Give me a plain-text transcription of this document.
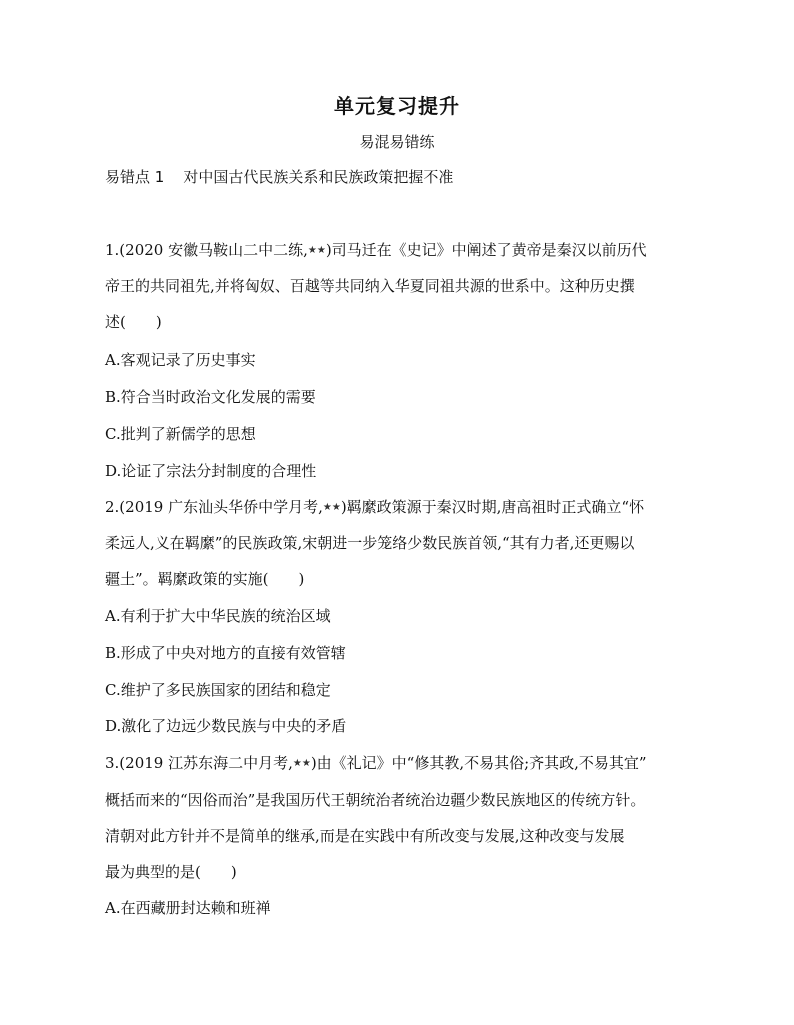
单元复习提升
易混易错练
易错点 1 对中国古代民族关系和民族政策把握不准
1.(2020 安徽马鞍山二中二练,★★)司马迁在《史记》中阐述了黄帝是秦汉以前历代
帝王的共同祖先,并将匈奴、百越等共同纳入华夏同祖共源的世系中。这种历史撰
述(　　)
A.客观记录了历史事实
B.符合当时政治文化发展的需要
C.批判了新儒学的思想
D.论证了宗法分封制度的合理性
2.(2019 广东汕头华侨中学月考,★★)羁縻政策源于秦汉时期,唐高祖时正式确立“怀
柔远人,义在羁縻”的民族政策,宋朝进一步笼络少数民族首领,“其有力者,还更赐以
疆土”。羁縻政策的实施(　　)
A.有利于扩大中华民族的统治区域
B.形成了中央对地方的直接有效管辖
C.维护了多民族国家的团结和稳定
D.激化了边远少数民族与中央的矛盾
3.(2019 江苏东海二中月考,★★)由《礼记》中“修其教,不易其俗;齐其政,不易其宜”
概括而来的“因俗而治”是我国历代王朝统治者统治边疆少数民族地区的传统方针。
清朝对此方针并不是简单的继承,而是在实践中有所改变与发展,这种改变与发展
最为典型的是(　　)
A.在西藏册封达赖和班禅
